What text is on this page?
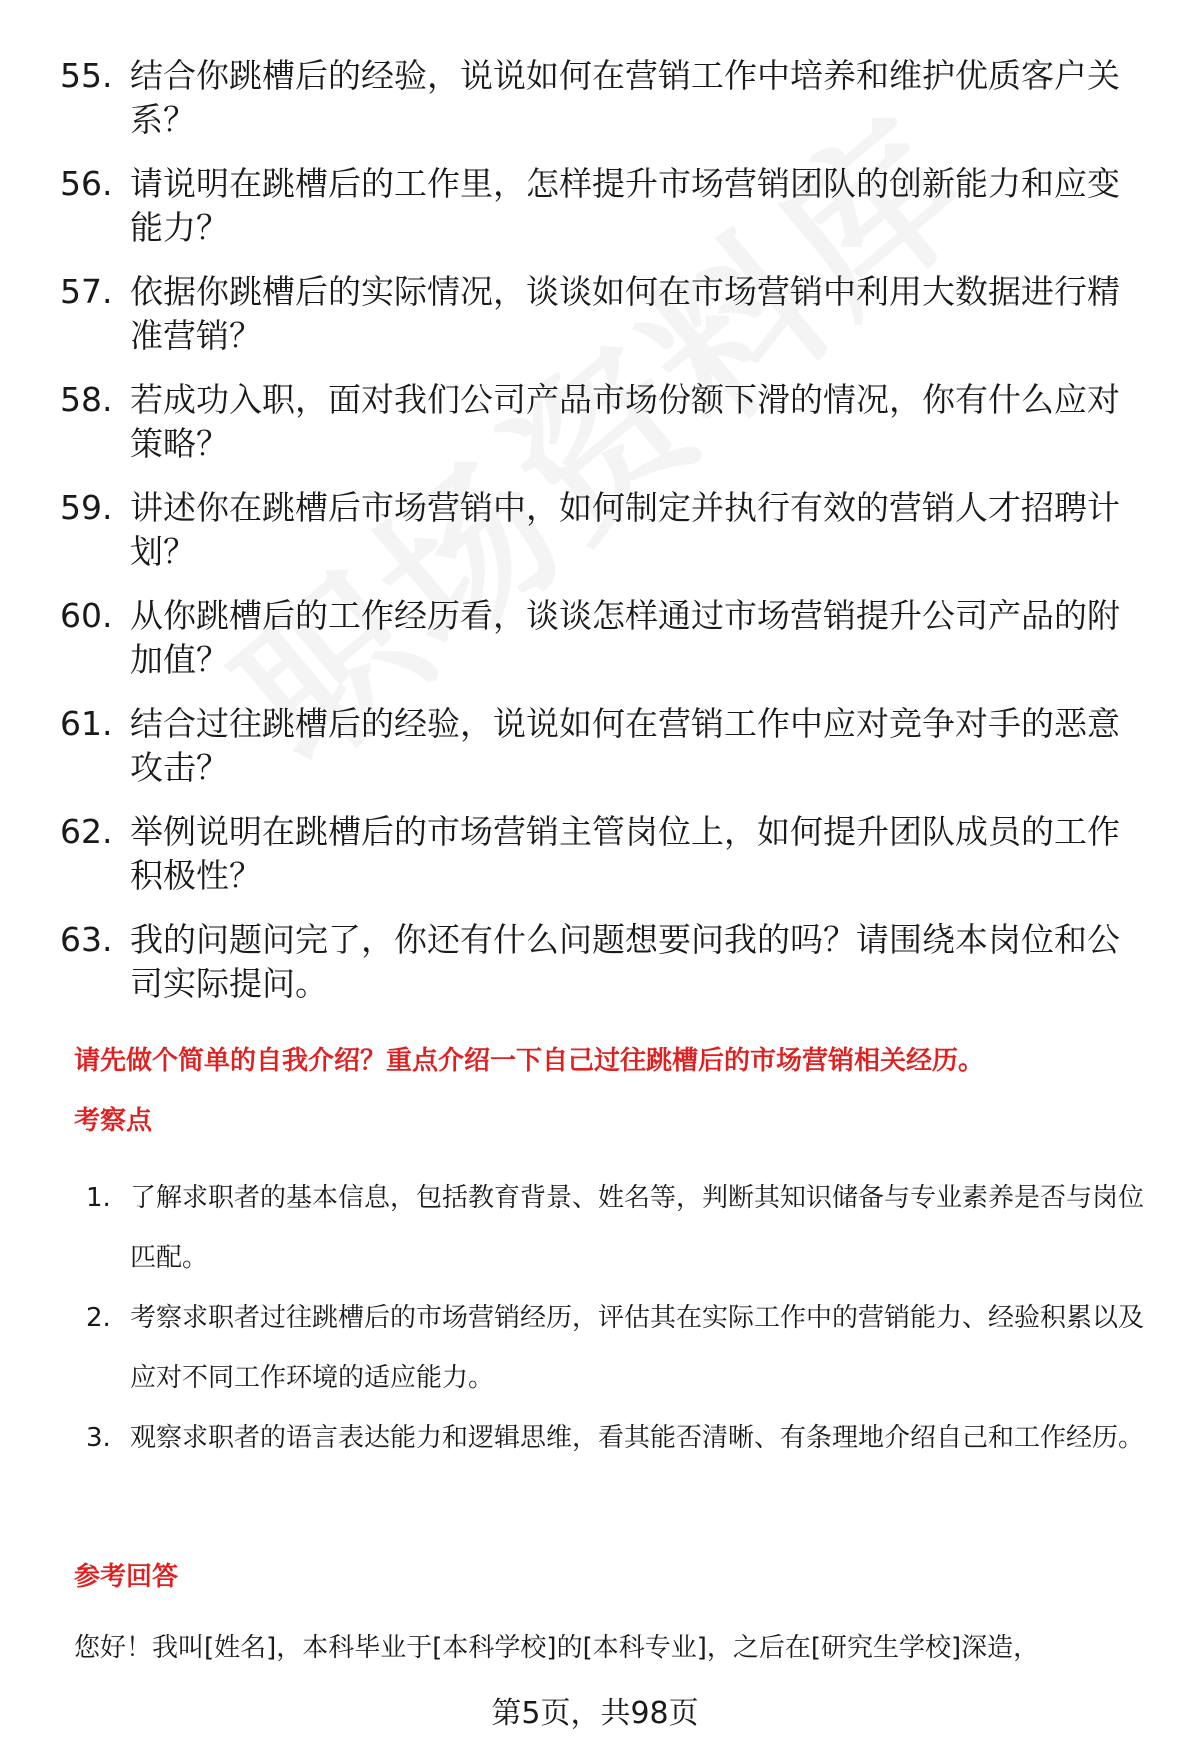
55. 结合你跳槽后的经验，说说如何在营销工作中培养和维护优质客户关系？
56. 请说明在跳槽后的工作里，怎样提升市场营销团队的创新能力和应变能力？
57. 依据你跳槽后的实际情况，谈谈如何在市场营销中利用大数据进行精准营销？
58. 若成功入职，面对我们公司产品市场份额下滑的情况，你有什么应对策略？
59. 讲述你在跳槽后市场营销中，如何制定并执行有效的营销人才招聘计划？
60. 从你跳槽后的工作经历看，谈谈怎样通过市场营销提升公司产品的附加值？
61. 结合过往跳槽后的经验，说说如何在营销工作中应对竞争对手的恶意攻击？
62. 举例说明在跳槽后的市场营销主管岗位上，如何提升团队成员的工作积极性？
63. 我的问题问完了，你还有什么问题想要问我的吗？请围绕本岗位和公司实际提问。
请先做个简单的自我介绍？重点介绍一下自己过往跳槽后的市场营销相关经历。
考察点
1. 了解求职者的基本信息，包括教育背景、姓名等，判断其知识储备与专业素养是否与岗位匹配。
2. 考察求职者过往跳槽后的市场营销经历，评估其在实际工作中的营销能力、经验积累以及应对不同工作环境的适应能力。
3. 观察求职者的语言表达能力和逻辑思维，看其能否清晰、有条理地介绍自己和工作经历。
参考回答
您好！我叫[姓名]，本科毕业于[本科学校]的[本科专业]，之后在[研究生学校]深造，
第5页，共98页
